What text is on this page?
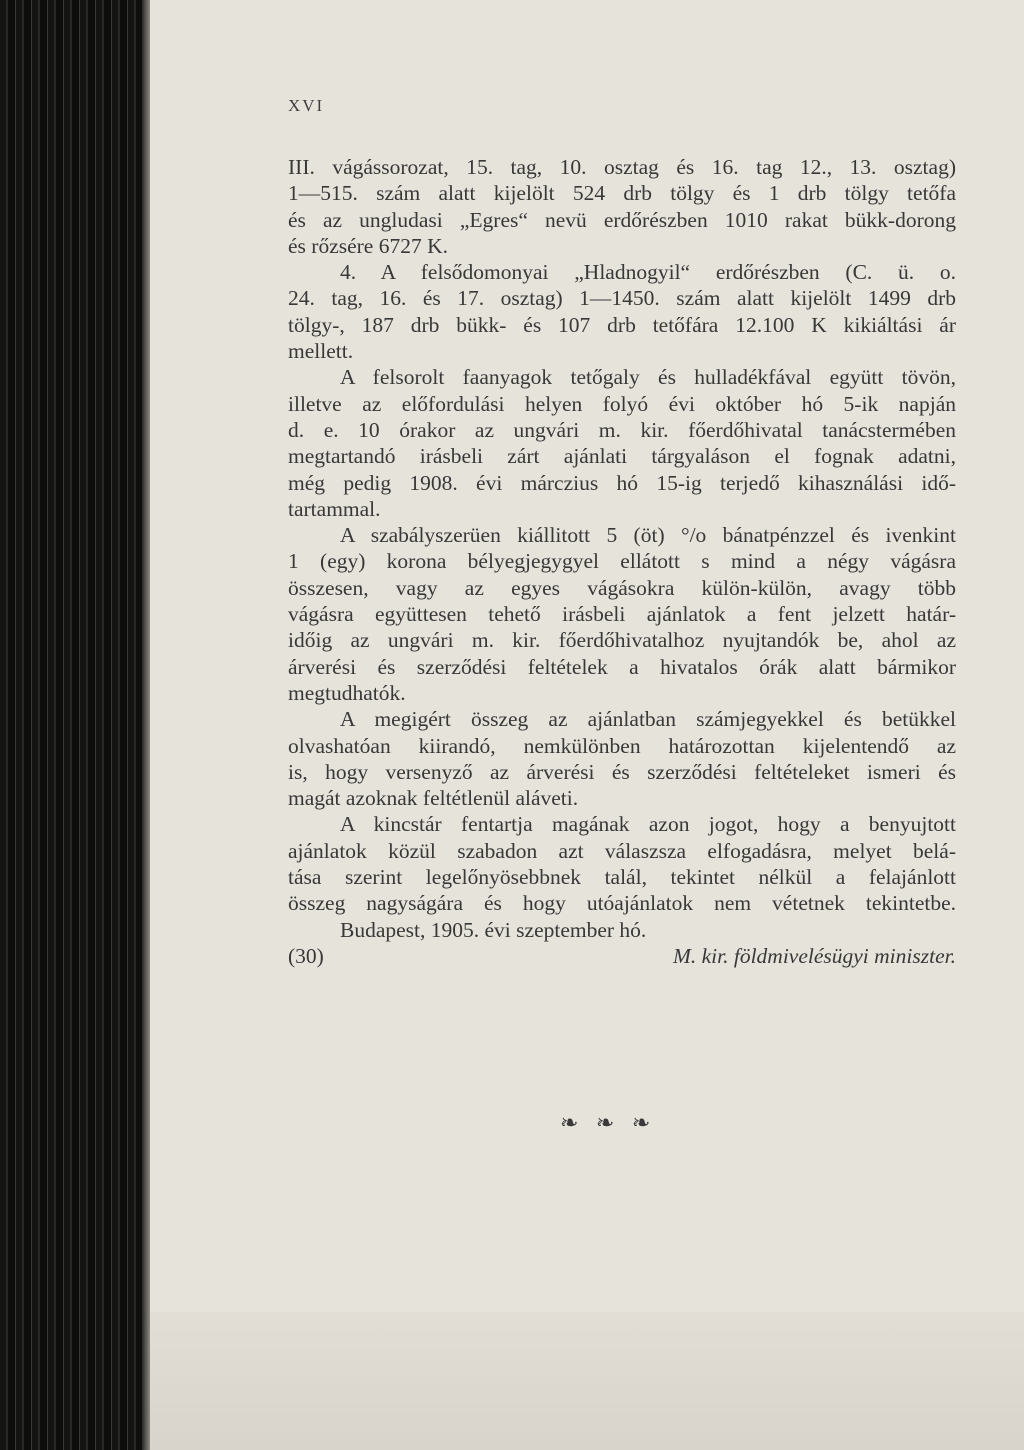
XVI
III. vágássorozat, 15. tag, 10. osztag és 16. tag 12., 13. osztag)
1—515. szám alatt kijelölt 524 drb tölgy és 1 drb tölgy tetőfa
és az ungludasi „Egres“ nevü erdőrészben 1010 rakat bükk-dorong
és rőzsére 6727 K.
4. A felsődomonyai „Hladnogyil“ erdőrészben (C. ü. o.
24. tag, 16. és 17. osztag) 1—1450. szám alatt kijelölt 1499 drb
tölgy-, 187 drb bükk- és 107 drb tetőfára 12.100 K kikiáltási ár
mellett.
A felsorolt faanyagok tetőgaly és hulladékfával együtt tövön,
illetve az előfordulási helyen folyó évi október hó 5-ik napján
d. e. 10 órakor az ungvári m. kir. főerdőhivatal tanácstermében
megtartandó irásbeli zárt ajánlati tárgyaláson el fognak adatni,
még pedig 1908. évi márczius hó 15-ig terjedő kihasználási idő-
tartammal.
A szabályszerüen kiállitott 5 (öt) °/o bánatpénzzel és ivenkint
1 (egy) korona bélyegjegygyel ellátott s mind a négy vágásra
összesen, vagy az egyes vágásokra külön-külön, avagy több
vágásra együttesen tehető irásbeli ajánlatok a fent jelzett határ-
időig az ungvári m. kir. főerdőhivatalhoz nyujtandók be, ahol az
árverési és szerződési feltételek a hivatalos órák alatt bármikor
megtudhatók.
A megigért összeg az ajánlatban számjegyekkel és betükkel
olvashatóan kiirandó, nemkülönben határozottan kijelentendő az
is, hogy versenyző az árverési és szerződési feltételeket ismeri és
magát azoknak feltétlenül aláveti.
A kincstár fentartja magának azon jogot, hogy a benyujtott
ajánlatok közül szabadon azt válaszsza elfogadásra, melyet belá-
tása szerint legelőnyösebbnek talál, tekintet nélkül a felajánlott
összeg nagyságára és hogy utóajánlatok nem vétetnek tekintetbe.
Budapest, 1905. évi szeptember hó.
(30)	M. kir. földmivelésügyi miniszter.
❧ ❧ ❧
